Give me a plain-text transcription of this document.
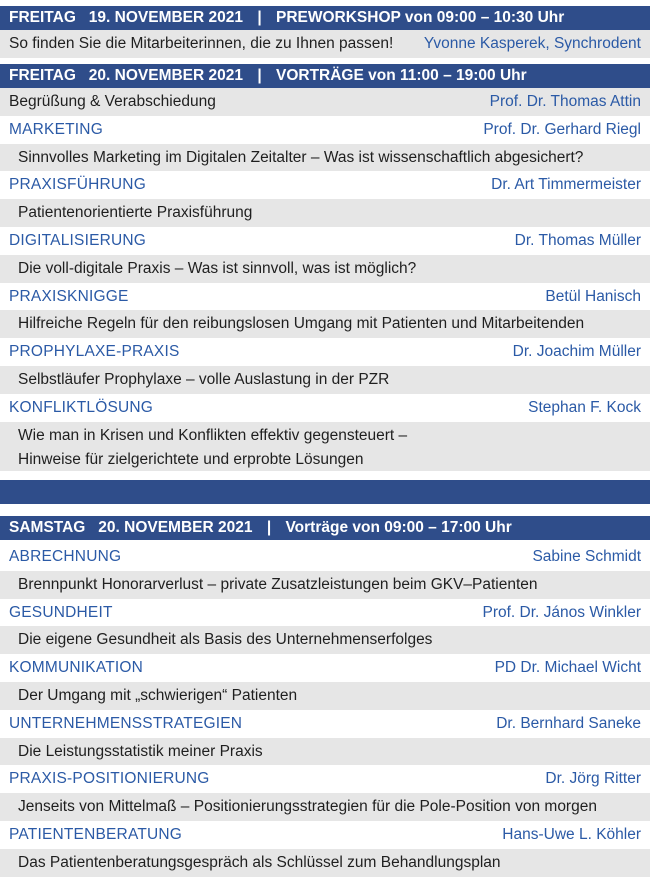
FREITAG 19. NOVEMBER 2021 | PREWORKSHOP von 09:00 – 10:30 Uhr
So finden Sie die Mitarbeiterinnen, die zu Ihnen passen! Yvonne Kasperek, Synchrodent
FREITAG 20. NOVEMBER 2021 | VORTRÄGE von 11:00 – 19:00 Uhr
Begrüßung & Verabschiedung	Prof. Dr. Thomas Attin
MARKETING	Prof. Dr. Gerhard Riegl
Sinnvolles Marketing im Digitalen Zeitalter – Was ist wissenschaftlich abgesichert?
PRAXISFÜHRUNG	Dr. Art Timmermeister
Patientenorientierte Praxisführung
DIGITALISIERUNG	Dr. Thomas Müller
Die voll-digitale Praxis – Was ist sinnvoll, was ist möglich?
PRAXISKNIGGE	Betül Hanisch
Hilfreiche Regeln für den reibungslosen Umgang mit Patienten und Mitarbeitenden
PROPHYLAXE-PRAXIS	Dr. Joachim Müller
Selbstläufer Prophylaxe – volle Auslastung in der PZR
KONFLIKTLÖSUNG	Stephan F. Kock
Wie man in Krisen und Konflikten effektiv gegensteuert –
Hinweise für zielgerichtete und erprobte Lösungen

SAMSTAG 20. NOVEMBER 2021 | Vorträge von 09:00 – 17:00 Uhr
ABRECHNUNG	Sabine Schmidt
Brennpunkt Honorarverlust – private Zusatzleistungen beim GKV–Patienten
GESUNDHEIT	Prof. Dr. János Winkler
Die eigene Gesundheit als Basis des Unternehmenserfolges
KOMMUNIKATION	PD Dr. Michael Wicht
Der Umgang mit „schwierigen“ Patienten
UNTERNEHMENSSTRATEGIEN	Dr. Bernhard Saneke
Die Leistungsstatistik meiner Praxis
PRAXIS-POSITIONIERUNG	Dr. Jörg Ritter
Jenseits von Mittelmaß – Positionierungsstrategien für die Pole-Position von morgen
PATIENTENBERATUNG	Hans-Uwe L. Köhler
Das Patientenberatungsgespräch als Schlüssel zum Behandlungsplan
